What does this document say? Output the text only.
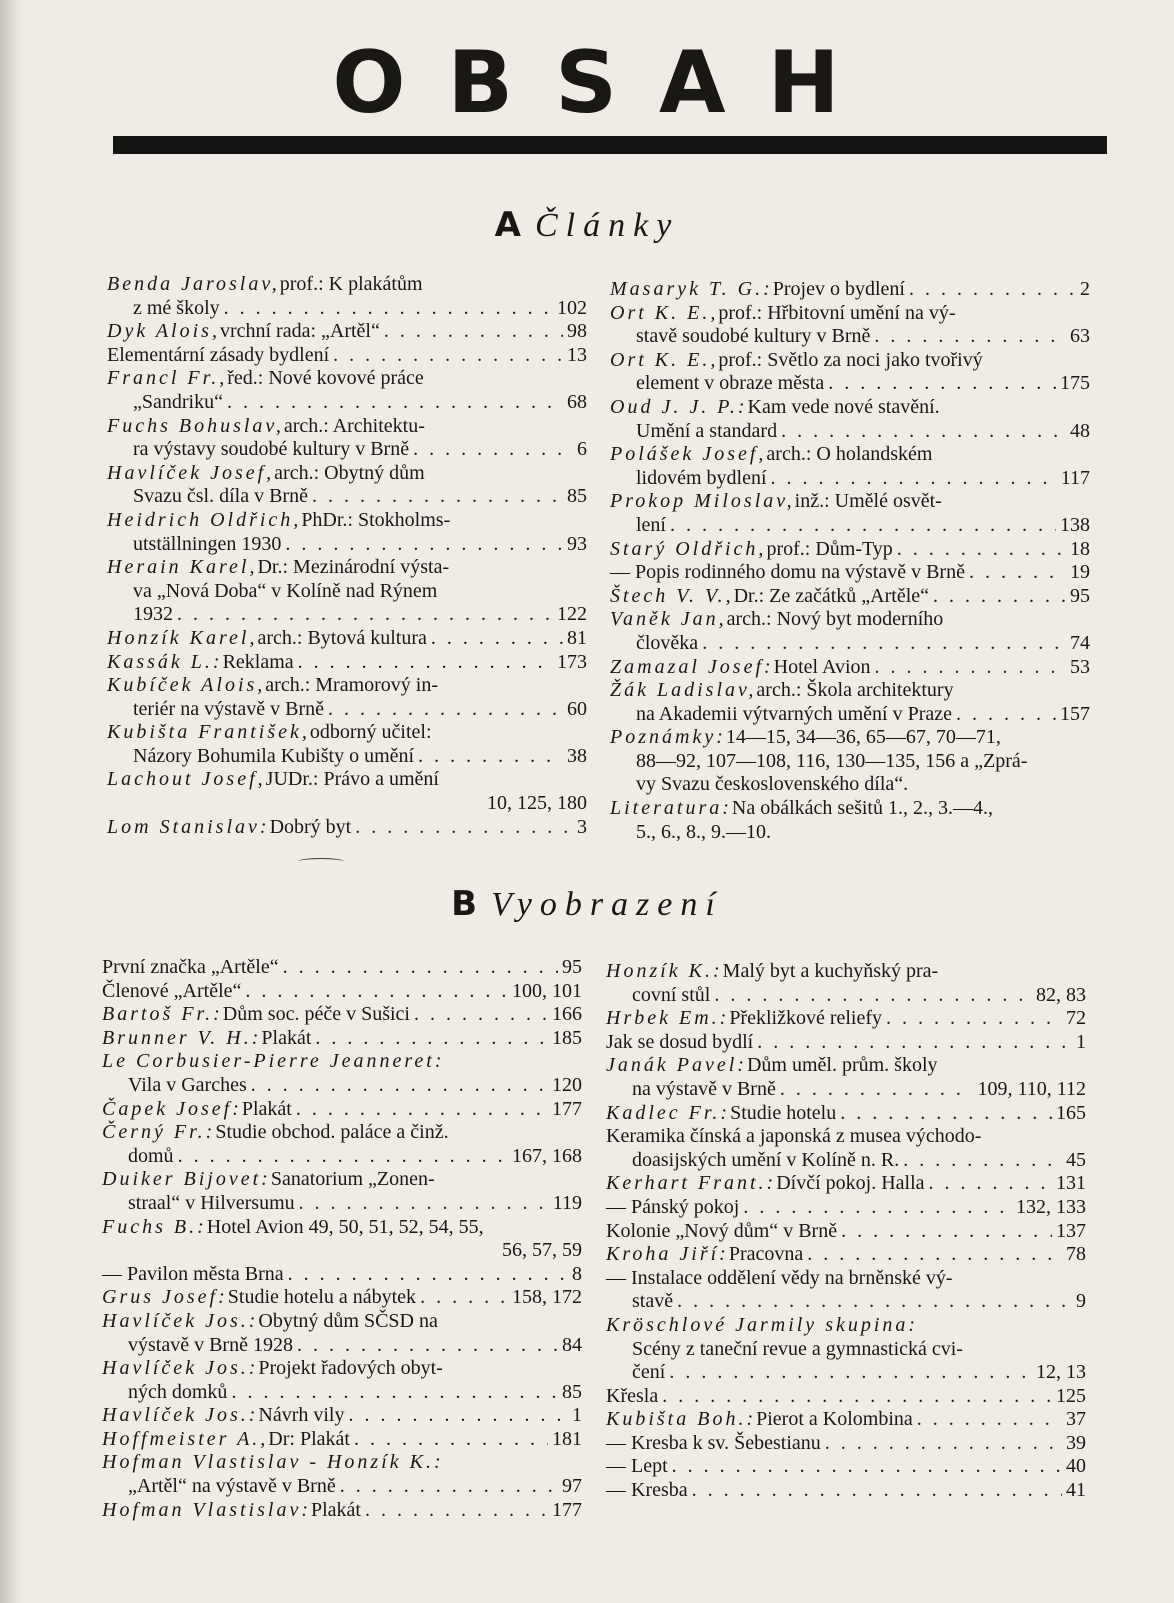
OBSAH
A Články
Benda Jaroslav, prof.: K plakátům
z mé školy . . .	102
Dyk Alois, vrchní rada: „Artěl“ . . .	98
Elementární zásady bydlení . . .	13
Francl Fr., řed.: Nové kovové práce
„Sandriku“ . . .	68
Fuchs Bohuslav, arch.: Architektu-
ra výstavy soudobé kultury v Brně . . .	6
Havlíček Josef, arch.: Obytný dům
Svazu čsl. díla v Brně . . .	85
Heidrich Oldřich, PhDr.: Stokholms-
utställningen 1930 . . .	93
Herain Karel, Dr.: Mezinárodní výsta-
va „Nová Doba“ v Kolíně nad Rýnem
1932 . . .	122
Honzík Karel, arch.: Bytová kultura . . .	81
Kassák L.: Reklama . . .	173
Kubíček Alois, arch.: Mramorový in-
teriér na výstavě v Brně . . .	60
Kubišta František, odborný učitel:
Názory Bohumila Kubišty o umění . . .	38
Lachout Josef, JUDr.: Právo a umění
10, 125, 180
Lom Stanislav: Dobrý byt . . .	3
Masaryk T. G.: Projev o bydlení . . .	2
Ort K. E., prof.: Hřbitovní umění na vý-
stavě soudobé kultury v Brně . . .	63
Ort K. E., prof.: Světlo za noci jako tvořivý
element v obraze města . . .	175
Oud J. J. P.: Kam vede nové stavění.
Umění a standard . . .	48
Polášek Josef, arch.: O holandském
lidovém bydlení . . .	117
Prokop Miloslav, inž.: Umělé osvět-
lení . . .	138
Starý Oldřich, prof.: Dům-Typ . . .	18
— Popis rodinného domu na výstavě v Brně . . .	19
Štech V. V., Dr.: Ze začátků „Artěle“ . . .	95
Vaněk Jan, arch.: Nový byt moderního
člověka . . .	74
Zamazal Josef: Hotel Avion . . .	53
Žák Ladislav, arch.: Škola architektury
na Akademii výtvarných umění v Praze . . .	157
Poznámky: 14—15, 34—36, 65—67, 70—71,
88—92, 107—108, 116, 130—135, 156 a „Zprá-
vy Svazu československého díla“.
Literatura: Na obálkách sešitů 1., 2., 3.—4.,
5., 6., 8., 9.—10.
B Vyobrazení
První značka „Artěle“ . . .	95
Členové „Artěle“ . . .	100, 101
Bartoš Fr.: Dům soc. péče v Sušici . . .	166
Brunner V. H.: Plakát . . .	185
Le Corbusier-Pierre Jeanneret:
Vila v Garches . . .	120
Čapek Josef: Plakát . . .	177
Černý Fr.: Studie obchod. paláce a činž.
domů . . .	167, 168
Duiker Bijovet: Sanatorium „Zonen-
straal“ v Hilversumu . . .	119
Fuchs B.: Hotel Avion 49, 50, 51, 52, 54, 55,
56, 57, 59
— Pavilon města Brna . . .	8
Grus Josef: Studie hotelu a nábytek . . .	158, 172
Havlíček Jos.: Obytný dům SČSD na
výstavě v Brně 1928 . . .	84
Havlíček Jos.: Projekt řadových obyt-
ných domků . . .	85
Havlíček Jos.: Návrh vily . . .	1
Hoffmeister A., Dr: Plakát . . .	181
Hofman Vlastislav - Honzík K.:
„Artěl“ na výstavě v Brně . . .	97
Hofman Vlastislav: Plakát . . .	177
Honzík K.: Malý byt a kuchyňský pra-
covní stůl . . .	82, 83
Hrbek Em.: Překližkové reliefy . . .	72
Jak se dosud bydlí . . .	1
Janák Pavel: Dům uměl. prům. školy
na výstavě v Brně . . .	109, 110, 112
Kadlec Fr.: Studie hotelu . . .	165
Keramika čínská a japonská z musea východo-
doasijských umění v Kolíně n. R. . . .	45
Kerhart Frant.: Dívčí pokoj. Halla . . .	131
— Pánský pokoj . . .	132, 133
Kolonie „Nový dům“ v Brně . . .	137
Kroha Jiří: Pracovna . . .	78
— Instalace oddělení vědy na brněnské vý-
stavě . . .	9
Kröschlové Jarmily skupina:
Scény z taneční revue a gymnastická cvi-
čení . . .	12, 13
Křesla . . .	125
Kubišta Boh.: Pierot a Kolombina . . .	37
— Kresba k sv. Šebestianu . . .	39
— Lept . . .	40
— Kresba . . .	41
